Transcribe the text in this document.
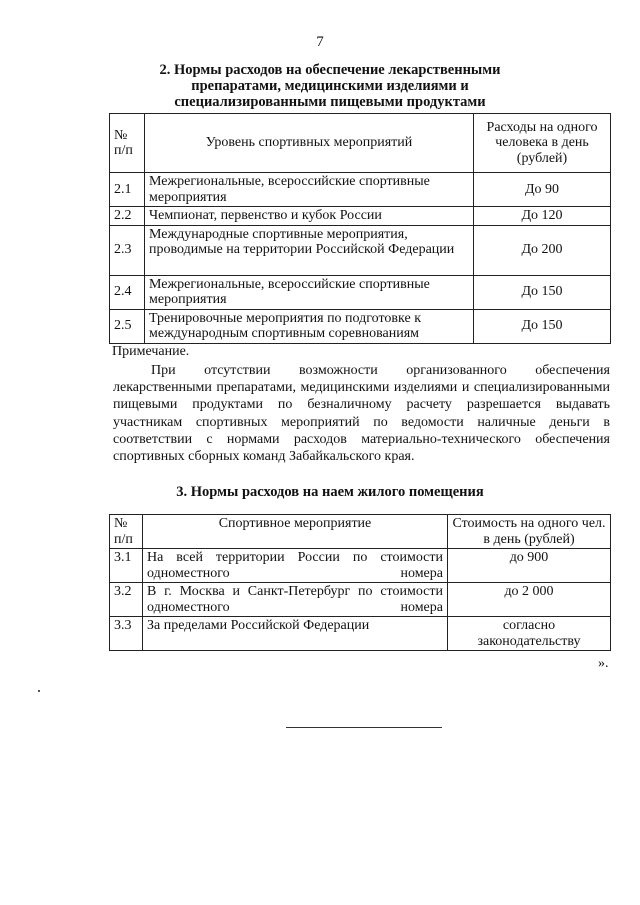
7
2. Нормы расходов на обеспечение лекарственными препаратами, медицинскими изделиями и специализированными пищевыми продуктами
№ п/п	Уровень спортивных мероприятий	Расходы на одного человека в день (рублей)
2.1	Межрегиональные, всероссийские спортивные мероприятия	До 90
2.2	Чемпионат, первенство и кубок России	До 120
2.3	Международные спортивные мероприятия, проводимые на территории Российской Федерации	До 200
2.4	Межрегиональные, всероссийские спортивные мероприятия	До 150
2.5	Тренировочные мероприятия по подготовке к международным спортивным соревнованиям	До 150
Примечание.
При отсутствии возможности организованного обеспечения лекарственными препаратами, медицинскими изделиями и специализированными пищевыми продуктами по безналичному расчету разрешается выдавать участникам спортивных мероприятий по ведомости наличные деньги в соответствии с нормами расходов материально-технического обеспечения спортивных сборных команд Забайкальского края.
3. Нормы расходов на наем жилого помещения
№ п/п	Спортивное мероприятие	Стоимость на одного чел. в день (рублей)
3.1	На всей территории России по стоимости одноместного номера	до 900
3.2	В г. Москва и Санкт-Петербург по стоимости одноместного номера	до 2 000
3.3	За пределами Российской Федерации	согласно законодательству
».
